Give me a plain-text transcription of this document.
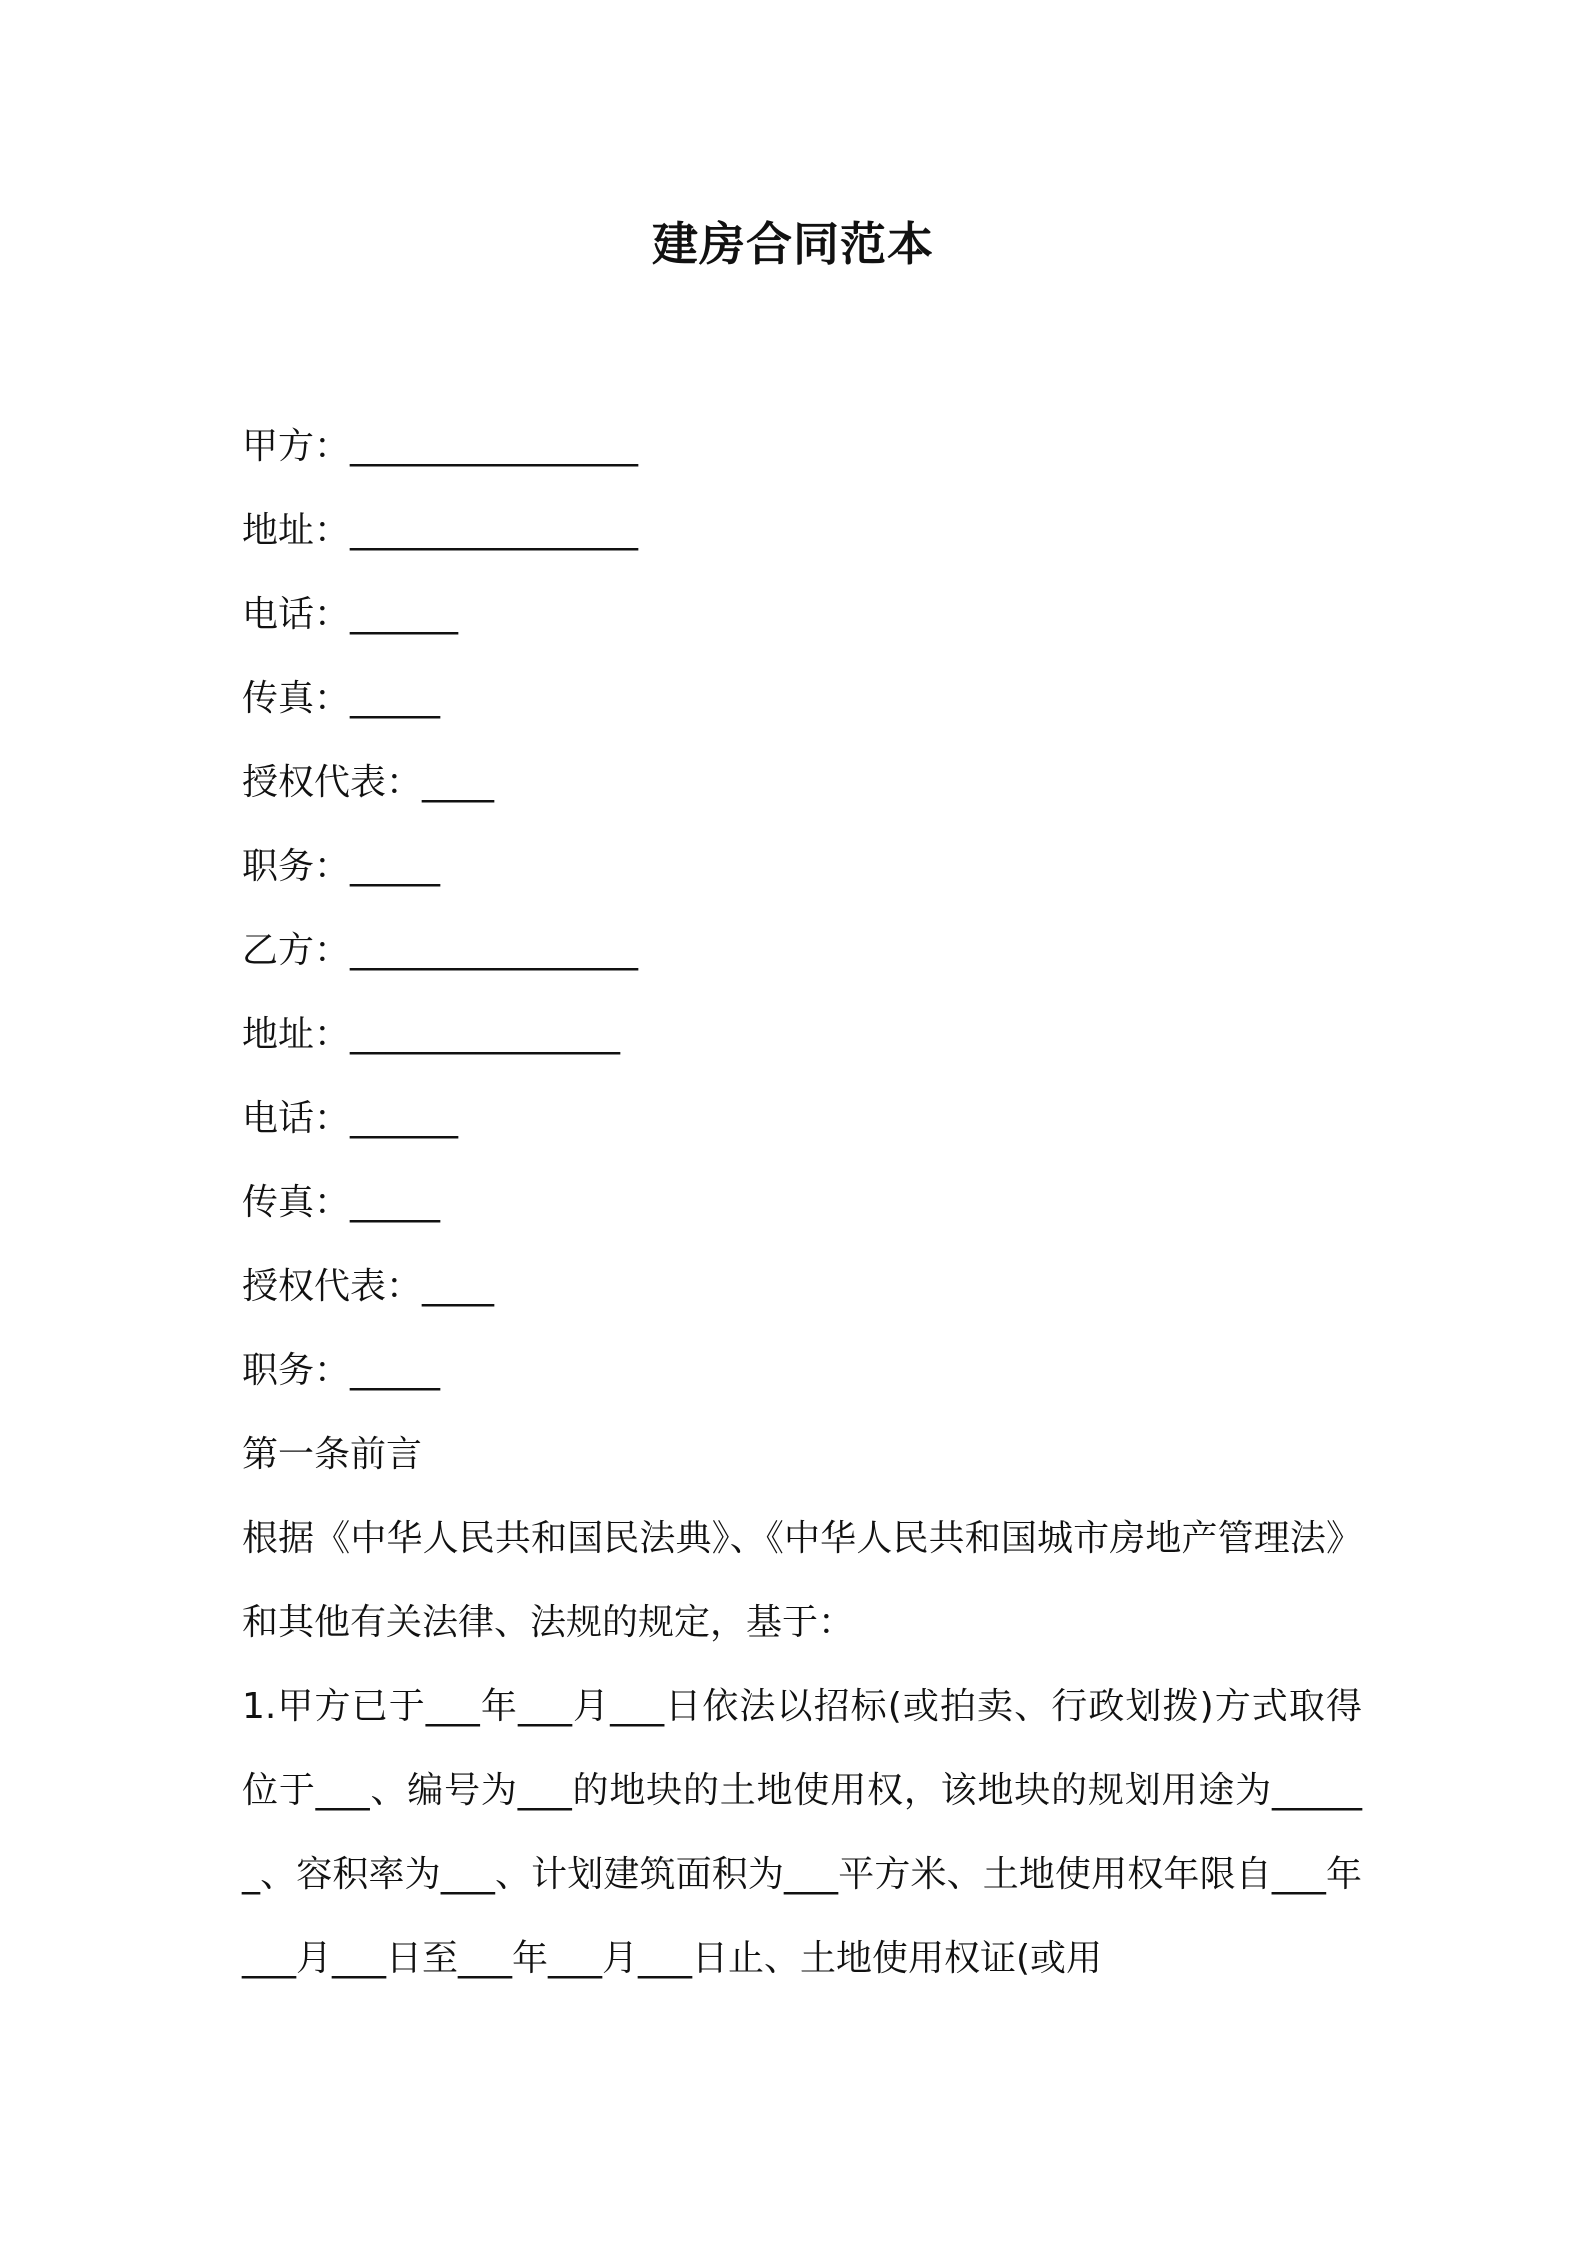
建房合同范本
甲方：________________
地址：________________
电话：______
传真：_____
授权代表：____
职务：_____
乙方：________________
地址：_______________
电话：______
传真：_____
授权代表：____
职务：_____
第一条前言

根据《中华人民共和国民法典》、《中华人民共和国城市房地产管理法》和其他有关法律、法规的规定，基于：

1.甲方已于___年___月___日依法以招标(或拍卖、行政划拨)方式取得位于___、编号为___的地块的土地使用权，该地块的规划用途为______、容积率为___、计划建筑面积为___平方米、土地使用权年限自___年___月___日至___年___月___日止、土地使用权证(或用
